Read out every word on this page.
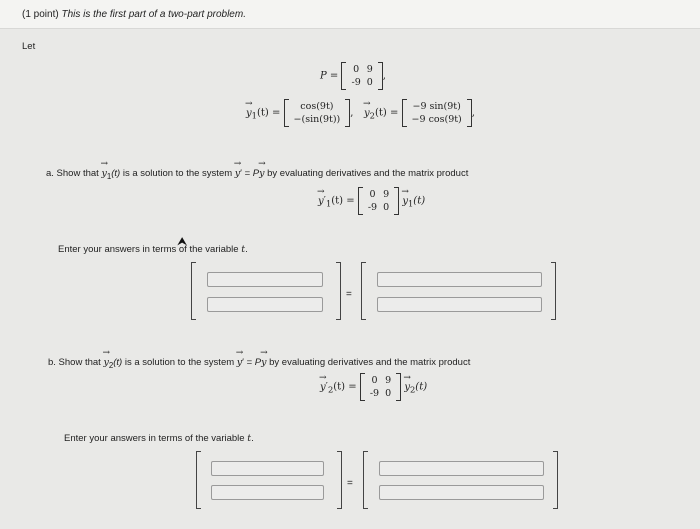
(1 point) This is the first part of a two-part problem.
Let
P =
0	9
-9	0
,
→ $y_1(t)$ =
cos(9t)
−(sin(9t))
, → $y_2(t)$ =
−9 sin(9t)
−9 cos(9t)
,
a. Show that → $y_1(t)$ is a solution to the system → y′ = P→ y by evaluating derivatives and the matrix product
→ $y'_1(t)$ =
0	9
-9	0
→ $y_1(t)$
Enter your answers in terms of the variable t.
⮝
=
b. Show that → $y_2(t)$ is a solution to the system → y′ = P→ y by evaluating derivatives and the matrix product
→ $y'_2(t)$ =
0	9
-9	0
→ $y_2(t)$
Enter your answers in terms of the variable t.
=
